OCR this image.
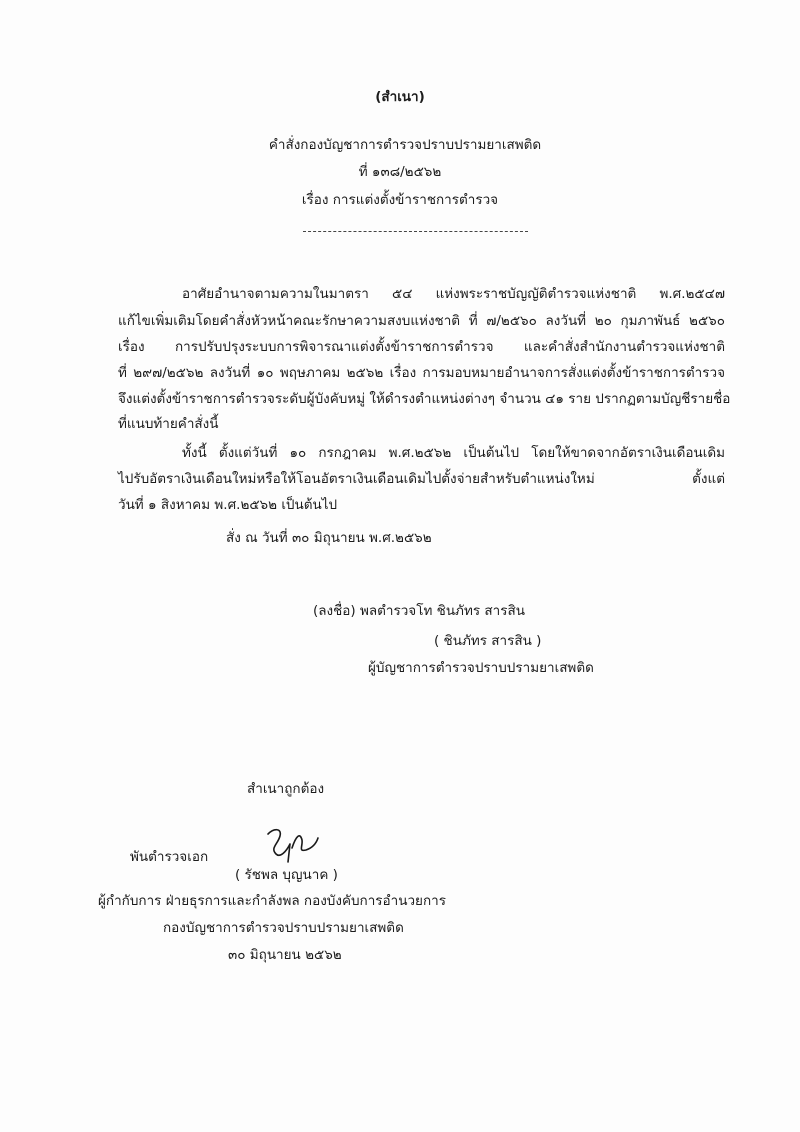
(สำเนา)
คำสั่งกองบัญชาการตำรวจปราบปรามยาเสพติด
ที่ ๑๓๘/๒๕๖๒
เรื่อง การแต่งตั้งข้าราชการตำรวจ
อาศัยอำนาจตามความในมาตรา ๕๔ แห่งพระราชบัญญัติตำรวจแห่งชาติ พ.ศ.๒๕๔๗
แก้ไขเพิ่มเติมโดยคำสั่งหัวหน้าคณะรักษาความสงบแห่งชาติ ที่ ๗/๒๕๖๐ ลงวันที่ ๒๐ กุมภาพันธ์ ๒๕๖๐
เรื่อง การปรับปรุงระบบการพิจารณาแต่งตั้งข้าราชการตำรวจ และคำสั่งสำนักงานตำรวจแห่งชาติ
ที่ ๒๙๗/๒๕๖๒ ลงวันที่ ๑๐ พฤษภาคม ๒๕๖๒ เรื่อง การมอบหมายอำนาจการสั่งแต่งตั้งข้าราชการตำรวจ
จึงแต่งตั้งข้าราชการตำรวจระดับผู้บังคับหมู่ ให้ดำรงตำแหน่งต่างๆ จำนวน ๔๑ ราย ปรากฏตามบัญชีรายชื่อ
ที่แนบท้ายคำสั่งนี้
ทั้งนี้ ตั้งแต่วันที่ ๑๐ กรกฎาคม พ.ศ.๒๕๖๒ เป็นต้นไป โดยให้ขาดจากอัตราเงินเดือนเดิม
ไปรับอัตราเงินเดือนใหม่หรือให้โอนอัตราเงินเดือนเดิมไปตั้งจ่ายสำหรับตำแหน่งใหม่ ตั้งแต่
วันที่ ๑ สิงหาคม พ.ศ.๒๕๖๒ เป็นต้นไป
สั่ง ณ วันที่ ๓๐ มิถุนายน พ.ศ.๒๕๖๒
(ลงชื่อ) พลตำรวจโท ชินภัทร สารสิน
( ชินภัทร สารสิน )
ผู้บัญชาการตำรวจปราบปรามยาเสพติด
สำเนาถูกต้อง
พันตำรวจเอก
( รัชพล บุญนาค )
ผู้กำกับการ ฝ่ายธุรการและกำลังพล กองบังคับการอำนวยการ
กองบัญชาการตำรวจปราบปรามยาเสพติด
๓๐ มิถุนายน ๒๕๖๒
